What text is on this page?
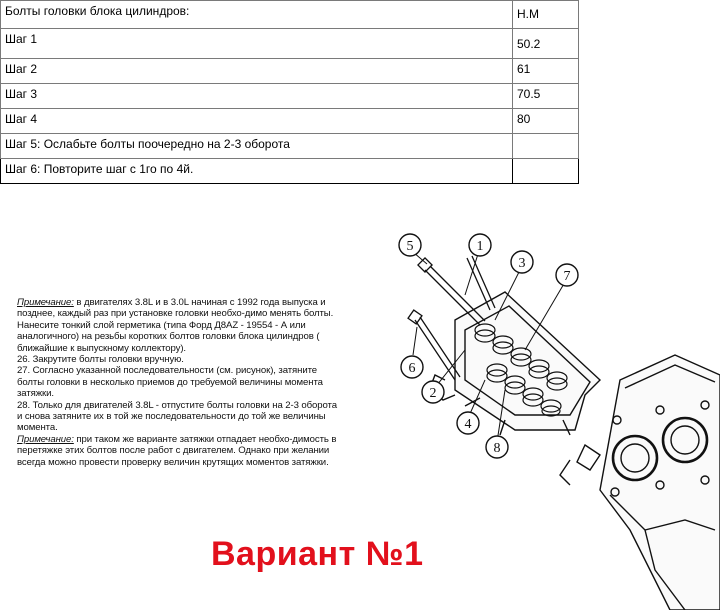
Болты головки блока цилиндров:	Н.М
Шаг 1	50.2
Шаг 2	61
Шаг 3	70.5
Шаг 4	80
Шаг 5: Ослабьте болты поочередно на 2-3 оборота	
Шаг 6: Повторите шаг с 1го по 4й.	

Примечание: в двигателях 3.8L и в 3.0L начиная с 1992 года выпуска и позднее, каждый раз при установке головки необхо-димо менять болты. Нанесите тонкий слой герметика (типа Форд Д8AZ - 19554 - А или аналогичного) на резьбы коротких болтов головки блока цилиндров ( ближайшие к выпускному коллектору).

26. Закрутите болты головки вручную.

27. Согласно указанной последовательности (см. рисунок), затяните болты головки в несколько приемов до требуемой величины момента затяжки.

28. Только для двигателей 3.8L - отпустите болты головки на 2-3 оборота и снова затяните их в той же последовательности до той же величины момента.

Примечание: при таком же варианте затяжки отпадает необхо-димость в перетяжке этих болтов после работ с двигателем. Однако при желании всегда можно провести проверку величин крутящих моментов затяжки.

Вариант №1
5	1
3
7
6
2
4
8
